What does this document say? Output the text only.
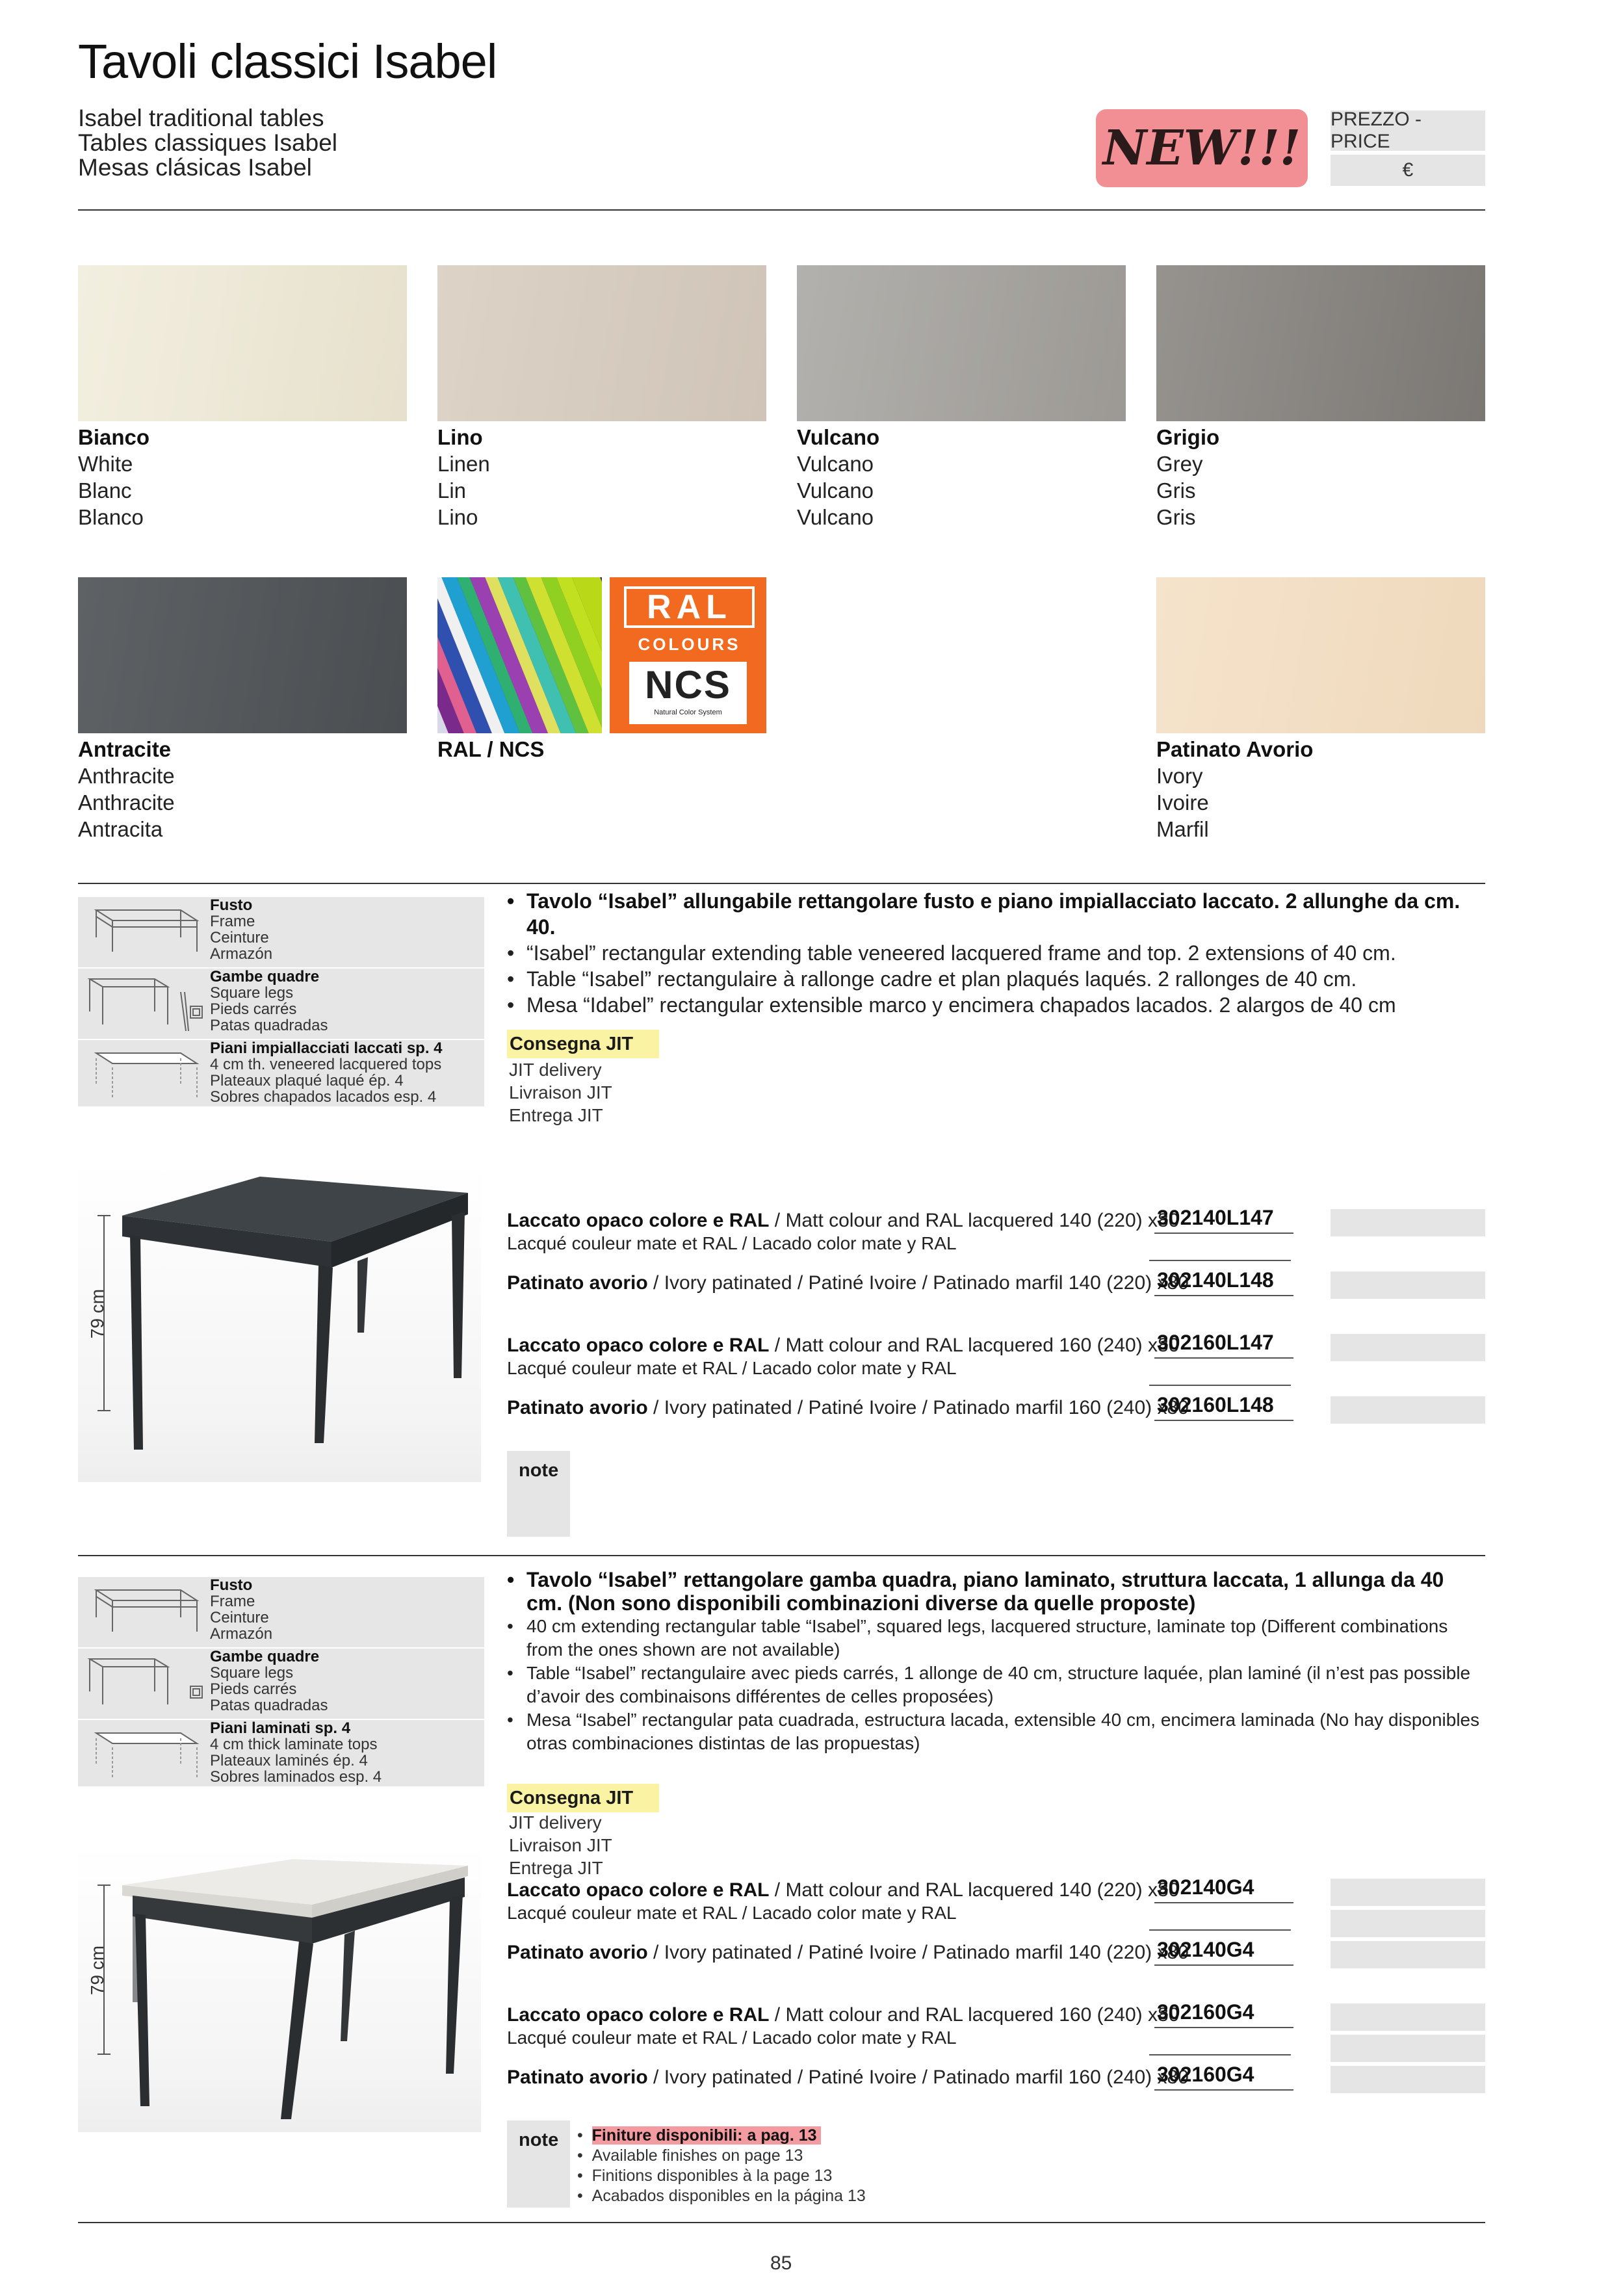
Tavoli classici Isabel
Isabel traditional tables
Tables classiques Isabel
Mesas clásicas Isabel	NEW!!!
PREZZO - PRICE
€
Bianco
White
Blanc
Blanco
Lino
Linen
Lin
Lino
Vulcano
Vulcano
Vulcano
Vulcano
Grigio
Grey
Gris
Gris
RAL
COLOURS
NCS
Natural Color System
Antracite
Anthracite
Anthracite
Antracita
RAL / NCS	Patinato Avorio
Ivory
Ivoire
Marfil
Fusto
Frame
Ceinture
Armazón
Gambe quadre
Square legs
Pieds carrés
Patas quadradas
Piani impiallacciati laccati sp. 4
4 cm th. veneered lacquered tops
Plateaux plaqué laqué ép. 4
Sobres chapados lacados esp. 4
• Tavolo “Isabel” allungabile rettangolare fusto e piano impiallacciato laccato. 2 allunghe da cm. 40.
• “Isabel” rectangular extending table veneered lacquered frame and top. 2 extensions of 40 cm.
• Table “Isabel” rectangulaire à rallonge cadre et plan plaqués laqués. 2 rallonges de 40 cm.
• Mesa “Idabel” rectangular extensible marco y encimera chapados lacados. 2 alargos de 40 cm
Consegna JIT
JIT delivery
Livraison JIT
Entrega JIT
79 cm
Laccato opaco colore e RAL / Matt colour and RAL lacquered 140 (220) x80
Lacqué couleur mate et RAL / Lacado color mate y RAL
302140L147
Patinato avorio / Ivory patinated / Patiné Ivoire / Patinado marfil 140 (220) x80
302140L148
Laccato opaco colore e RAL / Matt colour and RAL lacquered 160 (240) x80
Lacqué couleur mate et RAL / Lacado color mate y RAL
302160L147
Patinato avorio / Ivory patinated / Patiné Ivoire / Patinado marfil 160 (240) x80
302160L148
note
Fusto
Frame
Ceinture
Armazón
Gambe quadre
Square legs
Pieds carrés
Patas quadradas
Piani laminati sp. 4
4 cm thick laminate tops
Plateaux laminés ép. 4
Sobres laminados esp. 4
• Tavolo “Isabel” rettangolare gamba quadra, piano laminato, struttura laccata, 1 allunga da 40 cm. (Non sono disponibili combinazioni diverse da quelle proposte)
• 40 cm extending rectangular table “Isabel”, squared legs, lacquered structure, laminate top (Different combinations from the ones shown are not available)
• Table “Isabel” rectangulaire avec pieds carrés, 1 allonge de 40 cm, structure laquée, plan laminé (il n’est pas possible d’avoir des combinaisons différentes de celles proposées)
• Mesa “Isabel” rectangular pata cuadrada, estructura lacada, extensible 40 cm, encimera laminada (No hay disponibles otras combinaciones distintas de las propuestas)
Consegna JIT
JIT delivery
Livraison JIT
Entrega JIT
79 cm
Laccato opaco colore e RAL / Matt colour and RAL lacquered 140 (220) x80
Lacqué couleur mate et RAL / Lacado color mate y RAL
302140G4
Patinato avorio / Ivory patinated / Patiné Ivoire / Patinado marfil 140 (220) x80
302140G4
Laccato opaco colore e RAL / Matt colour and RAL lacquered 160 (240) x80
Lacqué couleur mate et RAL / Lacado color mate y RAL
302160G4
Patinato avorio / Ivory patinated / Patiné Ivoire / Patinado marfil 160 (240) x80
302160G4
note •  Finiture disponibili: a pag. 13
•  Available finishes on page 13
•  Finitions disponibles à la page 13
•  Acabados disponibles en la página 13
85
